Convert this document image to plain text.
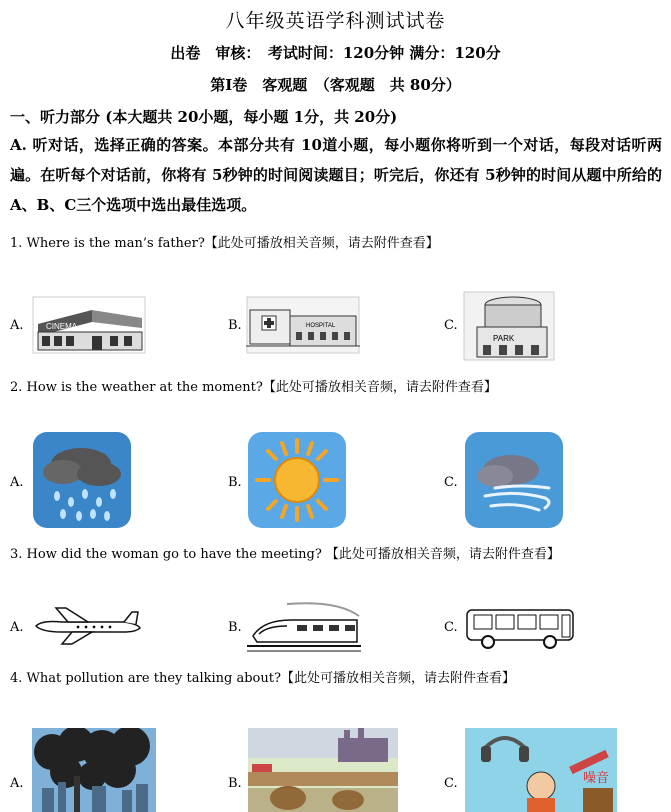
八年级英语学科测试试卷
出卷　审核：　考试时间：120分钟 满分：120分
第Ⅰ卷　客观题　（客观题　共 80分）
一、听力部分 (本大题共 20小题，每小题 1分，共 20分)
A. 听对话，选择正确的答案。本部分共有 10道小题，每小题你将听到一个对话，每段对话听两遍。在听每个对话前，你将有 5秒钟的时间阅读题目；听完后，你还有 5秒钟的时间从题中所给的 A、B、C三个选项中选出最佳选项。
1. Where is the man’s father?【此处可播放相关音频，请去附件查看】
A.	CINEMA	B.	HOSPITAL	C.
PARK
2. How is the weather at the moment?【此处可播放相关音频，请去附件查看】
A.	B.	C.
3. How did the woman go to have the meeting? 【此处可播放相关音频，请去附件查看】
A.	B.	C.
4. What pollution are they talking about?【此处可播放相关音频，请去附件查看】
A.	B.	C.	噪音
